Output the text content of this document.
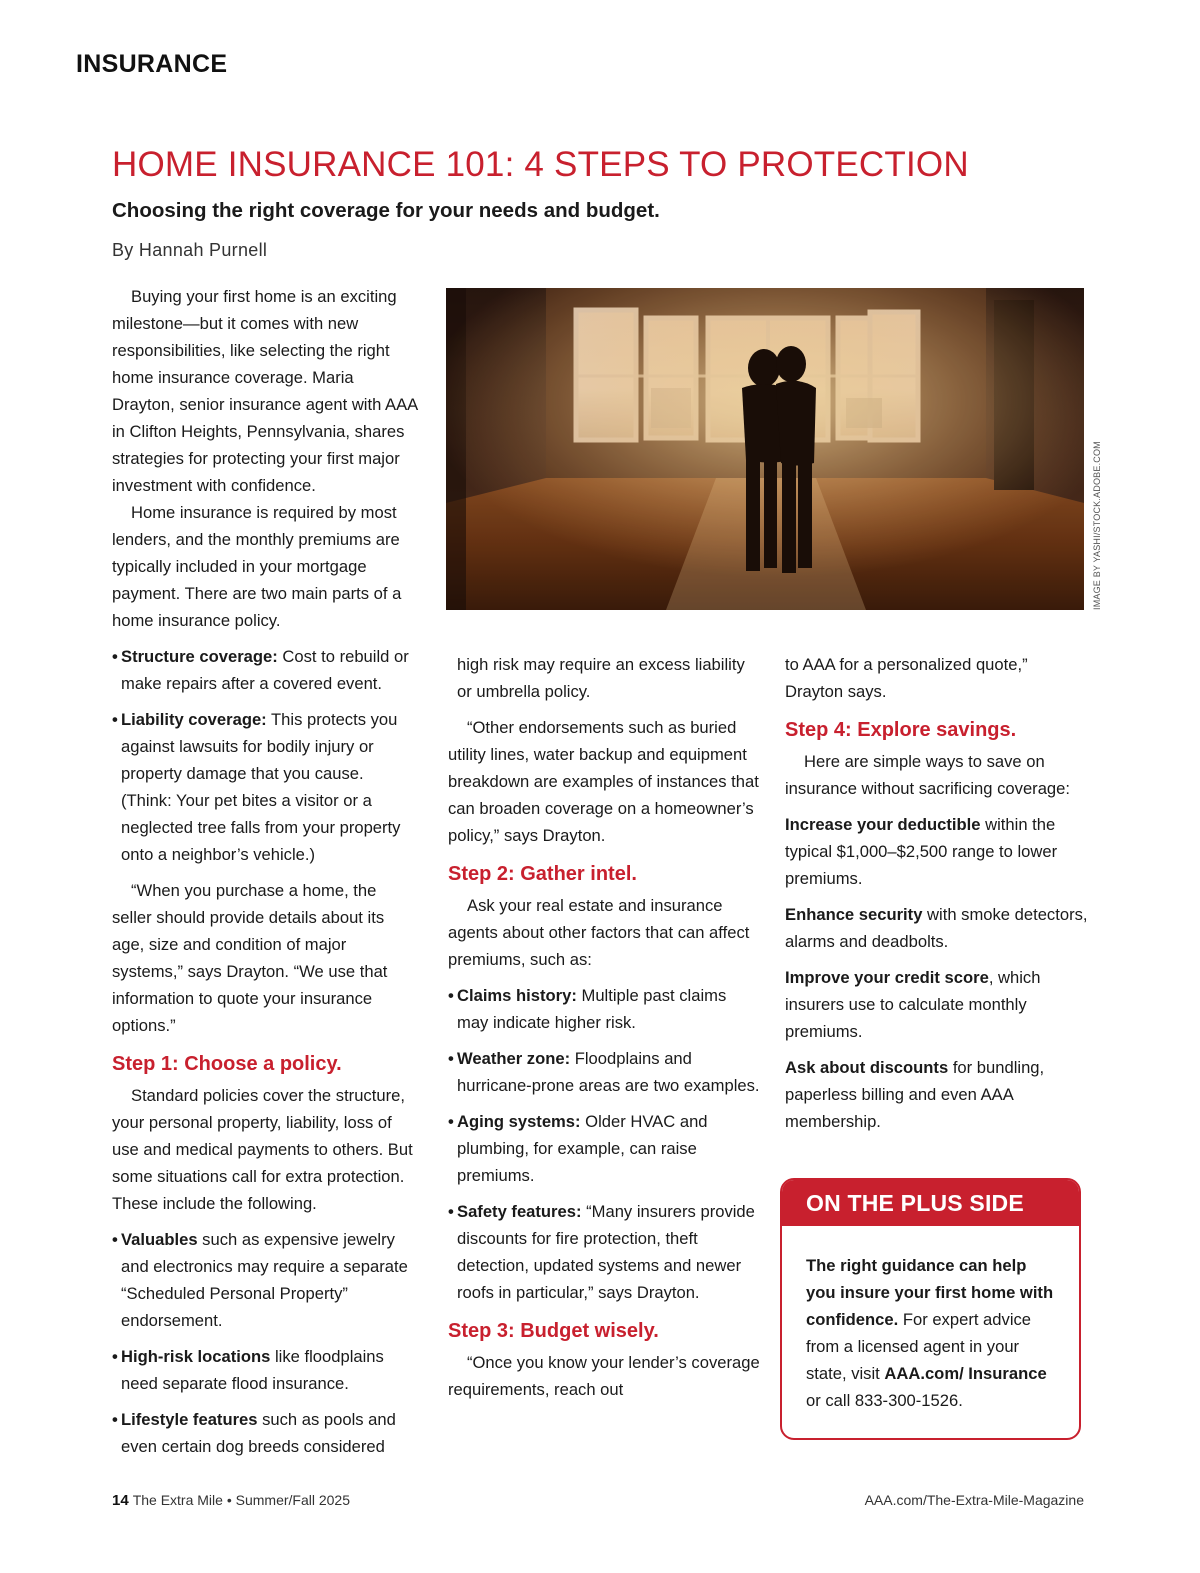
INSURANCE
HOME INSURANCE 101: 4 STEPS TO PROTECTION
Choosing the right coverage for your needs and budget.
By Hannah Purnell
IMAGE BY YASHI/STOCK.ADOBE.COM

Buying your first home is an exciting milestone—but it comes with new responsibilities, like selecting the right home insurance coverage. Maria Drayton, senior insurance agent with AAA in Clifton Heights, Pennsylvania, shares strategies for protecting your first major investment with confidence.

Home insurance is required by most lenders, and the monthly premiums are typically included in your mortgage payment. There are two main parts of a home insurance policy.

• Structure coverage: Cost to rebuild or make repairs after a covered event.

• Liability coverage: This protects you against lawsuits for bodily injury or property damage that you cause. (Think: Your pet bites a visitor or a neglected tree falls from your property onto a neighbor’s vehicle.)

“When you purchase a home, the seller should provide details about its age, size and condition of major systems,” says Drayton. “We use that information to quote your insurance options.”

Step 1: Choose a policy.

Standard policies cover the structure, your personal property, liability, loss of use and medical payments to others. But some situations call for extra protection. These include the following.

• Valuables such as expensive jewelry and electronics may require a separate “Scheduled Personal Property” endorsement.

• High-risk locations like floodplains need separate flood insurance.

• Lifestyle features such as pools and even certain dog breeds considered

high risk may require an excess liability or umbrella policy.

“Other endorsements such as buried utility lines, water backup and equipment breakdown are examples of instances that can broaden coverage on a homeowner’s policy,” says Drayton.

Step 2: Gather intel.

Ask your real estate and insurance agents about other factors that can affect premiums, such as:

• Claims history: Multiple past claims may indicate higher risk.

• Weather zone: Floodplains and hurricane-prone areas are two examples.

• Aging systems: Older HVAC and plumbing, for example, can raise premiums.

• Safety features: “Many insurers provide discounts for fire protection, theft detection, updated systems and newer roofs in particular,” says Drayton.

Step 3: Budget wisely.

“Once you know your lender’s coverage requirements, reach out

to AAA for a personalized quote,” Drayton says.

Step 4: Explore savings.

Here are simple ways to save on insurance without sacrificing coverage:

Increase your deductible within the typical $1,000–$2,500 range to lower premiums.

Enhance security with smoke detectors, alarms and deadbolts.

Improve your credit score, which insurers use to calculate monthly premiums.

Ask about discounts for bundling, paperless billing and even AAA membership.

ON THE PLUS SIDE
The right guidance can help you insure your first home with confidence. For expert advice from a licensed agent in your state, visit AAA.com/ Insurance or call 833-300-1526.
14 The Extra Mile • Summer/Fall 2025	AAA.com/The-Extra-Mile-Magazine
